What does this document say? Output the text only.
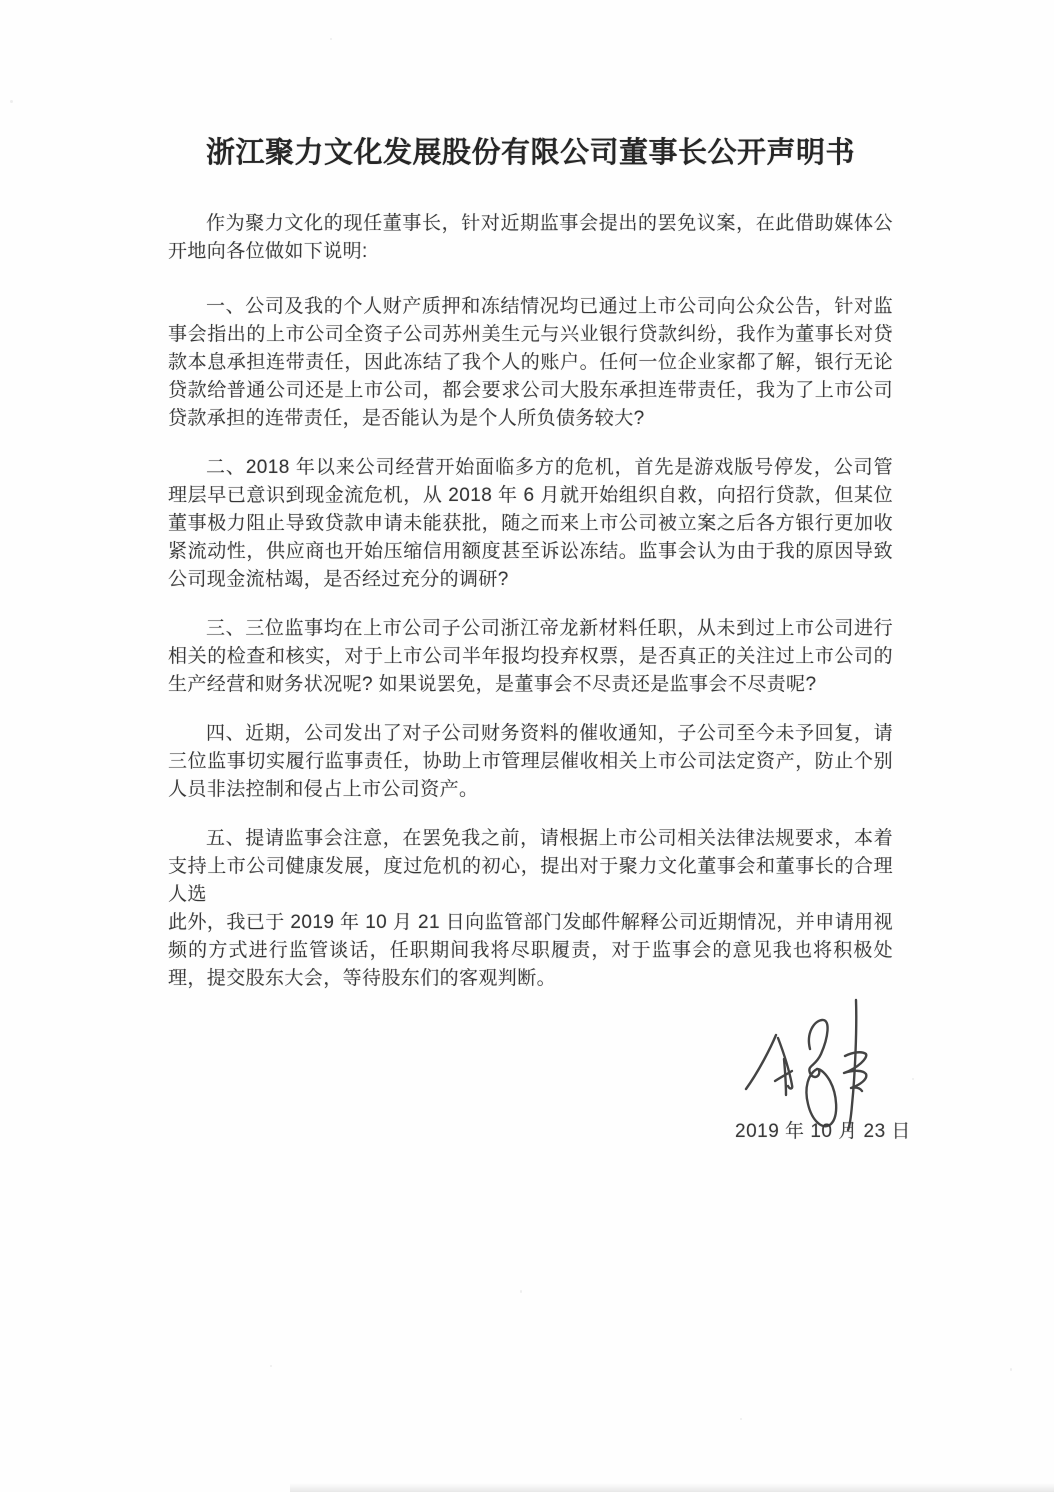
浙江聚力文化发展股份有限公司董事长公开声明书

作为聚力文化的现任董事长，针对近期监事会提出的罢免议案，在此借助媒体公开地向各位做如下说明:

一、公司及我的个人财产质押和冻结情况均已通过上市公司向公众公告，针对监事会指出的上市公司全资子公司苏州美生元与兴业银行贷款纠纷，我作为董事长对贷款本息承担连带责任，因此冻结了我个人的账户。任何一位企业家都了解，银行无论贷款给普通公司还是上市公司，都会要求公司大股东承担连带责任，我为了上市公司贷款承担的连带责任，是否能认为是个人所负债务较大?

二、2018 年以来公司经营开始面临多方的危机，首先是游戏版号停发，公司管理层早已意识到现金流危机，从 2018 年 6 月就开始组织自救，向招行贷款，但某位董事极力阻止导致贷款申请未能获批，随之而来上市公司被立案之后各方银行更加收紧流动性，供应商也开始压缩信用额度甚至诉讼冻结。监事会认为由于我的原因导致公司现金流枯竭，是否经过充分的调研?

三、三位监事均在上市公司子公司浙江帝龙新材料任职，从未到过上市公司进行相关的检查和核实，对于上市公司半年报均投弃权票，是否真正的关注过上市公司的生产经营和财务状况呢? 如果说罢免，是董事会不尽责还是监事会不尽责呢?

四、近期，公司发出了对子公司财务资料的催收通知，子公司至今未予回复，请三位监事切实履行监事责任，协助上市管理层催收相关上市公司法定资产，防止个别人员非法控制和侵占上市公司资产。

五、提请监事会注意，在罢免我之前，请根据上市公司相关法律法规要求，本着支持上市公司健康发展，度过危机的初心，提出对于聚力文化董事会和董事长的合理人选

此外，我已于 2019 年 10 月 21 日向监管部门发邮件解释公司近期情况，并申请用视频的方式进行监管谈话，任职期间我将尽职履责，对于监事会的意见我也将积极处理，提交股东大会，等待股东们的客观判断。

2019 年 10 月 23 日
